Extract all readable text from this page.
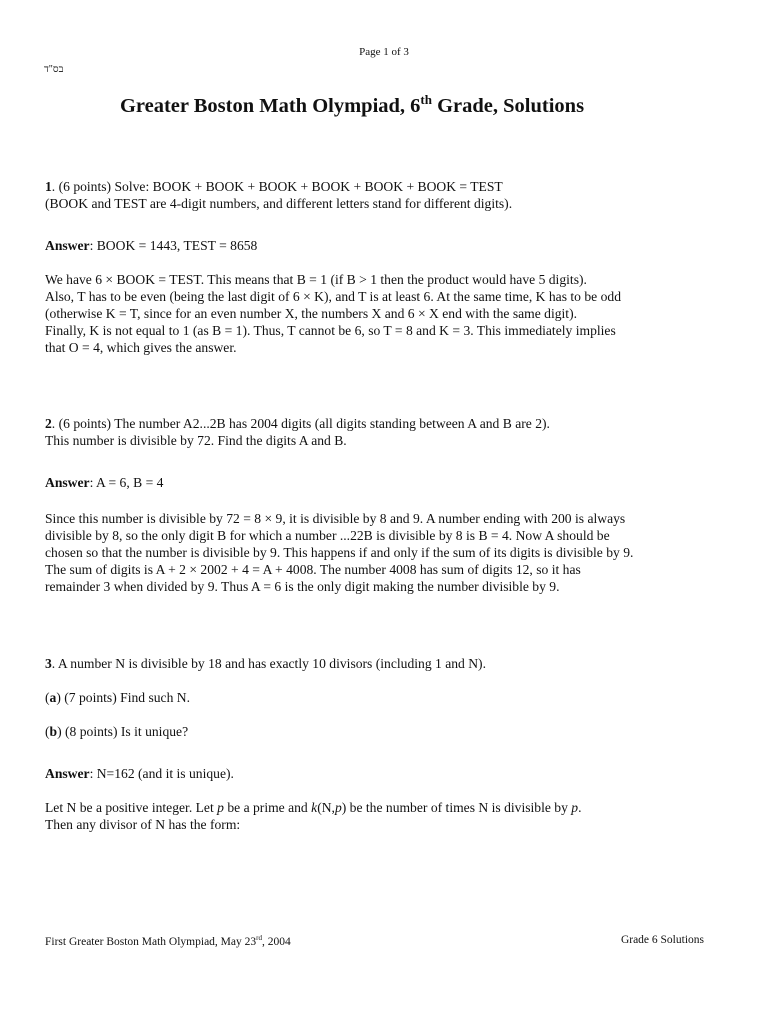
Page 1 of 3
בס"ד
Greater Boston Math Olympiad, 6th Grade, Solutions

1. (6 points) Solve: BOOK + BOOK + BOOK + BOOK + BOOK + BOOK = TEST
(BOOK and TEST are 4-digit numbers, and different letters stand for different digits).

Answer: BOOK = 1443, TEST = 8658

We have 6 × BOOK = TEST. This means that B = 1 (if B > 1 then the product would have 5 digits).
Also, T has to be even (being the last digit of 6 × K), and T is at least 6. At the same time, K has to be odd
(otherwise K = T, since for an even number X, the numbers X and 6 × X end with the same digit).
Finally, K is not equal to 1 (as B = 1). Thus, T cannot be 6, so T = 8 and K = 3. This immediately implies
that O = 4, which gives the answer.

2. (6 points) The number A2...2B has 2004 digits (all digits standing between A and B are 2).
This number is divisible by 72. Find the digits A and B.

Answer: A = 6, B = 4

Since this number is divisible by 72 = 8 × 9, it is divisible by 8 and 9. A number ending with 200 is always
divisible by 8, so the only digit B for which a number ...22B is divisible by 8 is B = 4. Now A should be
chosen so that the number is divisible by 9. This happens if and only if the sum of its digits is divisible by 9.
The sum of digits is A + 2 × 2002 + 4 = A + 4008. The number 4008 has sum of digits 12, so it has
remainder 3 when divided by 9. Thus A = 6 is the only digit making the number divisible by 9.

3. A number N is divisible by 18 and has exactly 10 divisors (including 1 and N).

(a) (7 points) Find such N.

(b) (8 points) Is it unique?

Answer: N=162 (and it is unique).

Let N be a positive integer. Let p be a prime and k(N,p) be the number of times N is divisible by p.
Then any divisor of N has the form:

First Greater Boston Math Olympiad, May 23rd, 2004	Grade 6 Solutions
